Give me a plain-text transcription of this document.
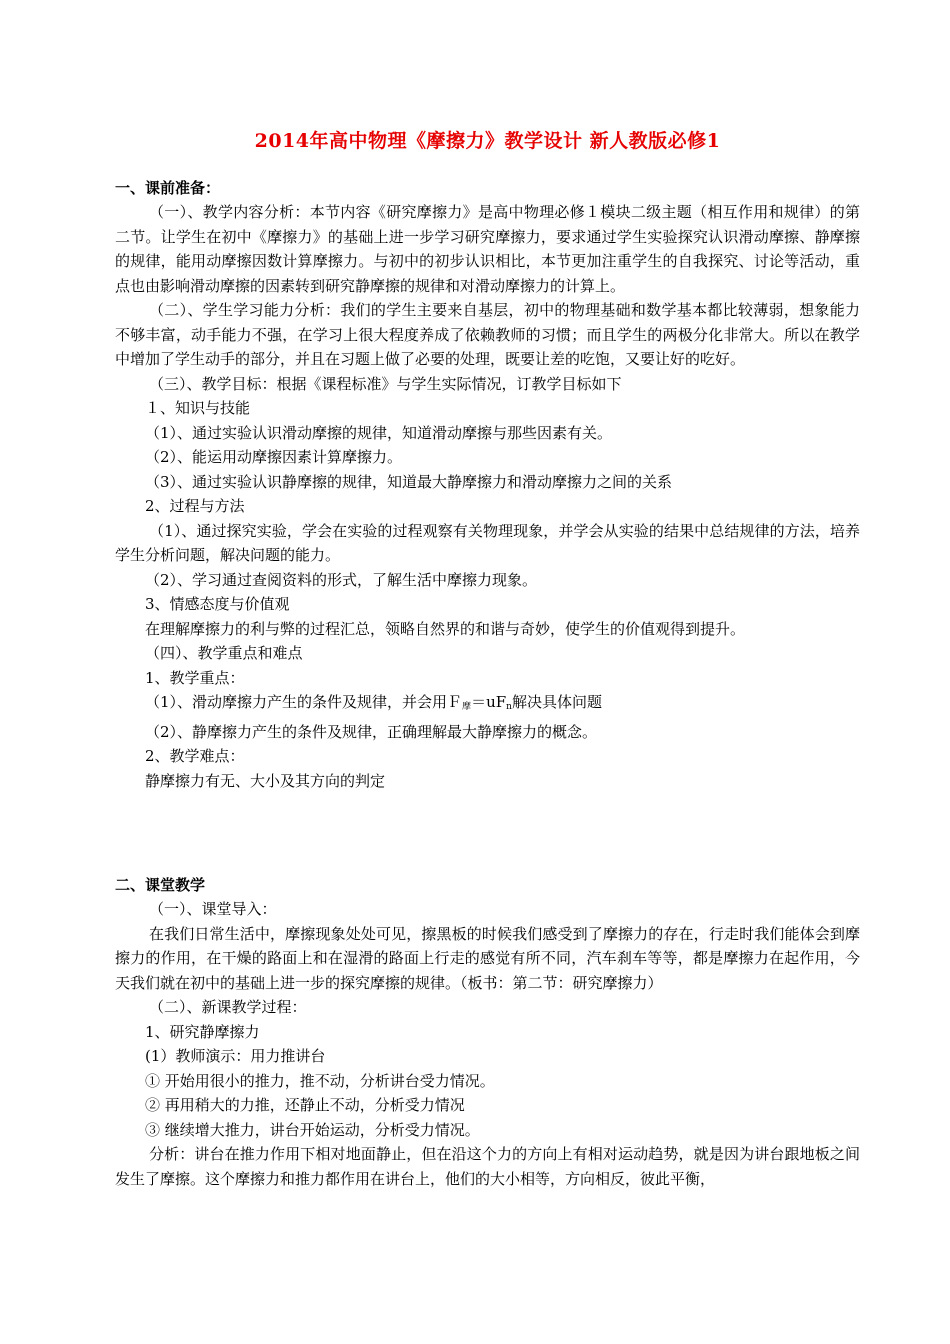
2014年高中物理《摩擦力》教学设计 新人教版必修1
一、课前准备：

（一）、教学内容分析：本节内容《研究摩擦力》是高中物理必修１模块二级主题（相互作用和规律）的第二节。让学生在初中《摩擦力》的基础上进一步学习研究摩擦力，要求通过学生实验探究认识滑动摩擦、静摩擦的规律，能用动摩擦因数计算摩擦力。与初中的初步认识相比，本节更加注重学生的自我探究、讨论等活动，重点也由影响滑动摩擦的因素转到研究静摩擦的规律和对滑动摩擦力的计算上。

（二）、学生学习能力分析：我们的学生主要来自基层，初中的物理基础和数学基本都比较薄弱，想象能力不够丰富，动手能力不强，在学习上很大程度养成了依赖教师的习惯；而且学生的两极分化非常大。所以在教学中增加了学生动手的部分，并且在习题上做了必要的处理，既要让差的吃饱，又要让好的吃好。

（三）、教学目标：根据《课程标准》与学生实际情况，订教学目标如下

１、知识与技能

（1）、通过实验认识滑动摩擦的规律，知道滑动摩擦与那些因素有关。

（2）、能运用动摩擦因素计算摩擦力。

（3）、通过实验认识静摩擦的规律，知道最大静摩擦力和滑动摩擦力之间的关系

2、过程与方法

（1）、通过探究实验，学会在实验的过程观察有关物理现象，并学会从实验的结果中总结规律的方法，培养学生分析问题，解决问题的能力。

（2）、学习通过查阅资料的形式，了解生活中摩擦力现象。

3、情感态度与价值观

在理解摩擦力的利与弊的过程汇总，领略自然界的和谐与奇妙，使学生的价值观得到提升。

（四）、教学重点和难点

1、教学重点：

（1）、滑动摩擦力产生的条件及规律，并会用$F_摩=uF_n$解决具体问题

（2）、静摩擦力产生的条件及规律，正确理解最大静摩擦力的概念。

2、教学难点：

静摩擦力有无、大小及其方向的判定

二、课堂教学

（一）、课堂导入：

在我们日常生活中，摩擦现象处处可见，擦黑板的时候我们感受到了摩擦力的存在，行走时我们能体会到摩擦力的作用，在干燥的路面上和在湿滑的路面上行走的感觉有所不同，汽车刹车等等，都是摩擦力在起作用，今天我们就在初中的基础上进一步的探究摩擦的规律。（板书：第二节：研究摩擦力）

（二）、新课教学过程：

1、研究静摩擦力

(1）教师演示：用力推讲台

① 开始用很小的推力，推不动，分析讲台受力情况。

② 再用稍大的力推，还静止不动，分析受力情况

③ 继续增大推力，讲台开始运动，分析受力情况。

分析：讲台在推力作用下相对地面静止，但在沿这个力的方向上有相对运动趋势，就是因为讲台跟地板之间发生了摩擦。这个摩擦力和推力都作用在讲台上，他们的大小相等，方向相反，彼此平衡，
